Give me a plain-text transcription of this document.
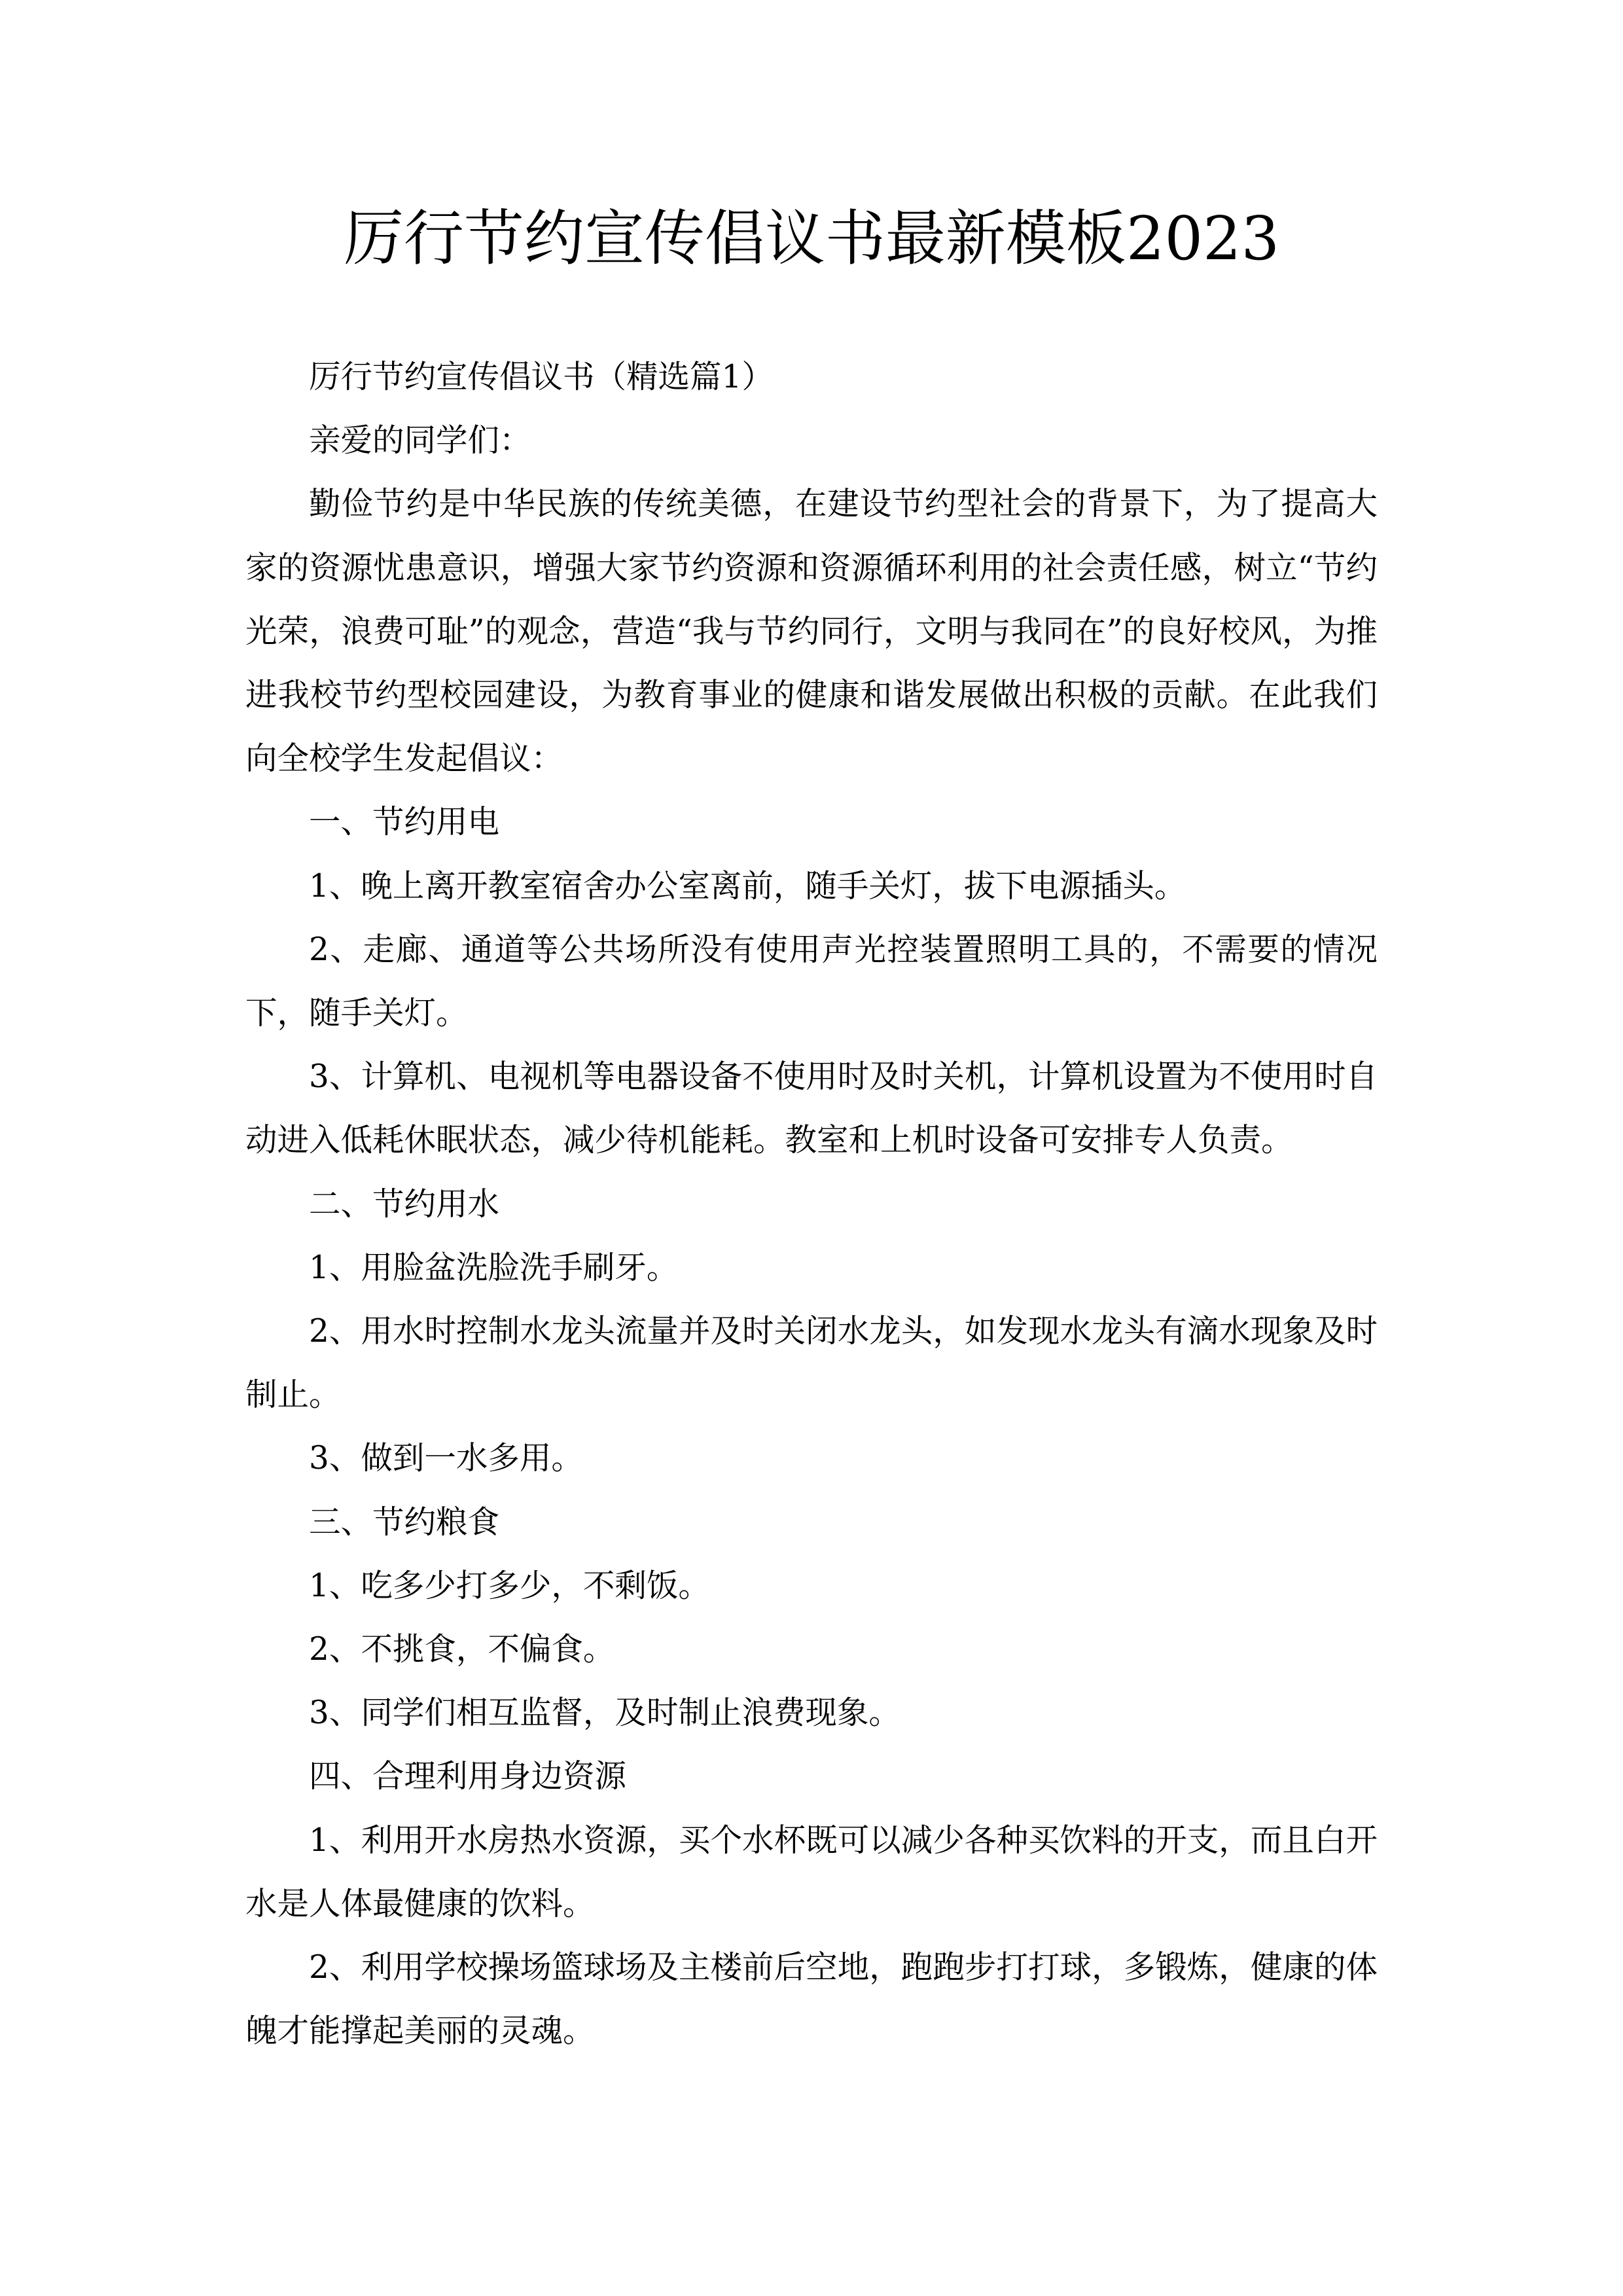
厉行节约宣传倡议书最新模板2023

厉行节约宣传倡议书（精选篇1）

亲爱的同学们：

勤俭节约是中华民族的传统美德，在建设节约型社会的背景下，为了提高大家的资源忧患意识，增强大家节约资源和资源循环利用的社会责任感，树立“节约光荣，浪费可耻”的观念，营造“我与节约同行，文明与我同在”的良好校风，为推进我校节约型校园建设，为教育事业的健康和谐发展做出积极的贡献。在此我们向全校学生发起倡议：

一、节约用电

1、晚上离开教室宿舍办公室离前，随手关灯，拔下电源插头。

2、走廊、通道等公共场所没有使用声光控装置照明工具的，不需要的情况下，随手关灯。

3、计算机、电视机等电器设备不使用时及时关机，计算机设置为不使用时自动进入低耗休眠状态，减少待机能耗。教室和上机时设备可安排专人负责。

二、节约用水

1、用脸盆洗脸洗手刷牙。

2、用水时控制水龙头流量并及时关闭水龙头，如发现水龙头有滴水现象及时制止。

3、做到一水多用。

三、节约粮食

1、吃多少打多少，不剩饭。

2、不挑食，不偏食。

3、同学们相互监督，及时制止浪费现象。

四、合理利用身边资源

1、利用开水房热水资源，买个水杯既可以减少各种买饮料的开支，而且白开水是人体最健康的饮料。

2、利用学校操场篮球场及主楼前后空地，跑跑步打打球，多锻炼，健康的体魄才能撑起美丽的灵魂。
